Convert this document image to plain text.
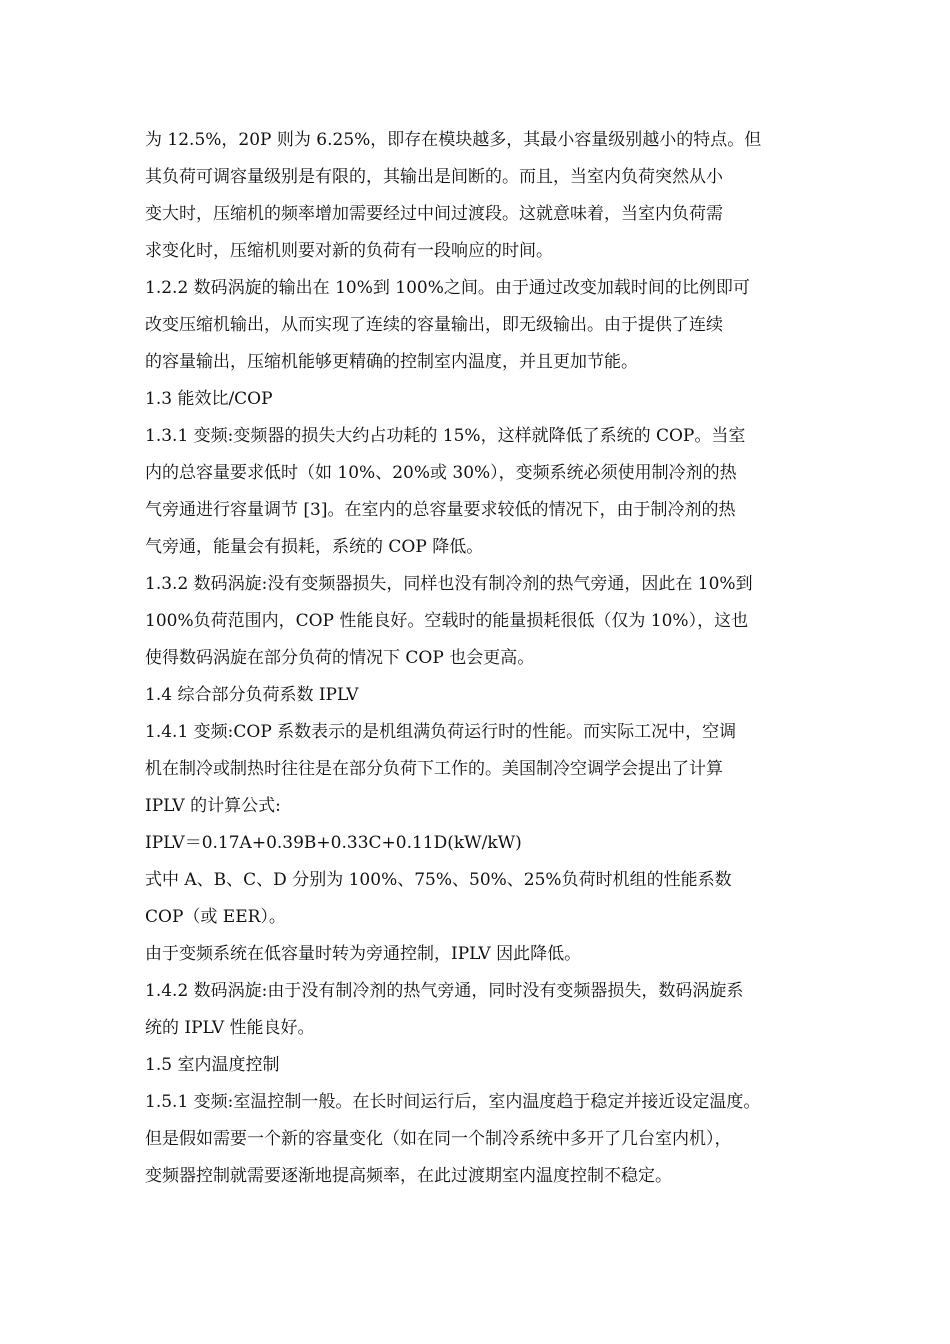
为 12.5%，20P 则为 6.25%，即存在模块越多，其最小容量级别越小的特点。但
其负荷可调容量级别是有限的，其输出是间断的。而且，当室内负荷突然从小
变大时，压缩机的频率增加需要经过中间过渡段。这就意味着，当室内负荷需
求变化时，压缩机则要对新的负荷有一段响应的时间。
1.2.2 数码涡旋的输出在 10%到 100%之间。由于通过改变加载时间的比例即可
改变压缩机输出，从而实现了连续的容量输出，即无级输出。由于提供了连续
的容量输出，压缩机能够更精确的控制室内温度，并且更加节能。
1.3 能效比/COP
1.3.1 变频:变频器的损失大约占功耗的 15%，这样就降低了系统的 COP。当室
内的总容量要求低时（如 10%、20%或 30%），变频系统必须使用制冷剂的热
气旁通进行容量调节 [3]。在室内的总容量要求较低的情况下，由于制冷剂的热
气旁通，能量会有损耗，系统的 COP 降低。
1.3.2 数码涡旋:没有变频器损失，同样也没有制冷剂的热气旁通，因此在 10%到
100%负荷范围内，COP 性能良好。空载时的能量损耗很低（仅为 10%），这也
使得数码涡旋在部分负荷的情况下 COP 也会更高。
1.4 综合部分负荷系数 IPLV
1.4.1 变频:COP 系数表示的是机组满负荷运行时的性能。而实际工况中，空调
机在制冷或制热时往往是在部分负荷下工作的。美国制冷空调学会提出了计算
IPLV 的计算公式:
IPLV＝0.17A+0.39B+0.33C+0.11D(kW/kW)
式中 A、B、C、D 分别为 100%、75%、50%、25%负荷时机组的性能系数
COP（或 EER）。
由于变频系统在低容量时转为旁通控制，IPLV 因此降低。
1.4.2 数码涡旋:由于没有制冷剂的热气旁通，同时没有变频器损失，数码涡旋系
统的 IPLV 性能良好。
1.5 室内温度控制
1.5.1 变频:室温控制一般。在长时间运行后，室内温度趋于稳定并接近设定温度。
但是假如需要一个新的容量变化（如在同一个制冷系统中多开了几台室内机），
变频器控制就需要逐渐地提高频率，在此过渡期室内温度控制不稳定。
